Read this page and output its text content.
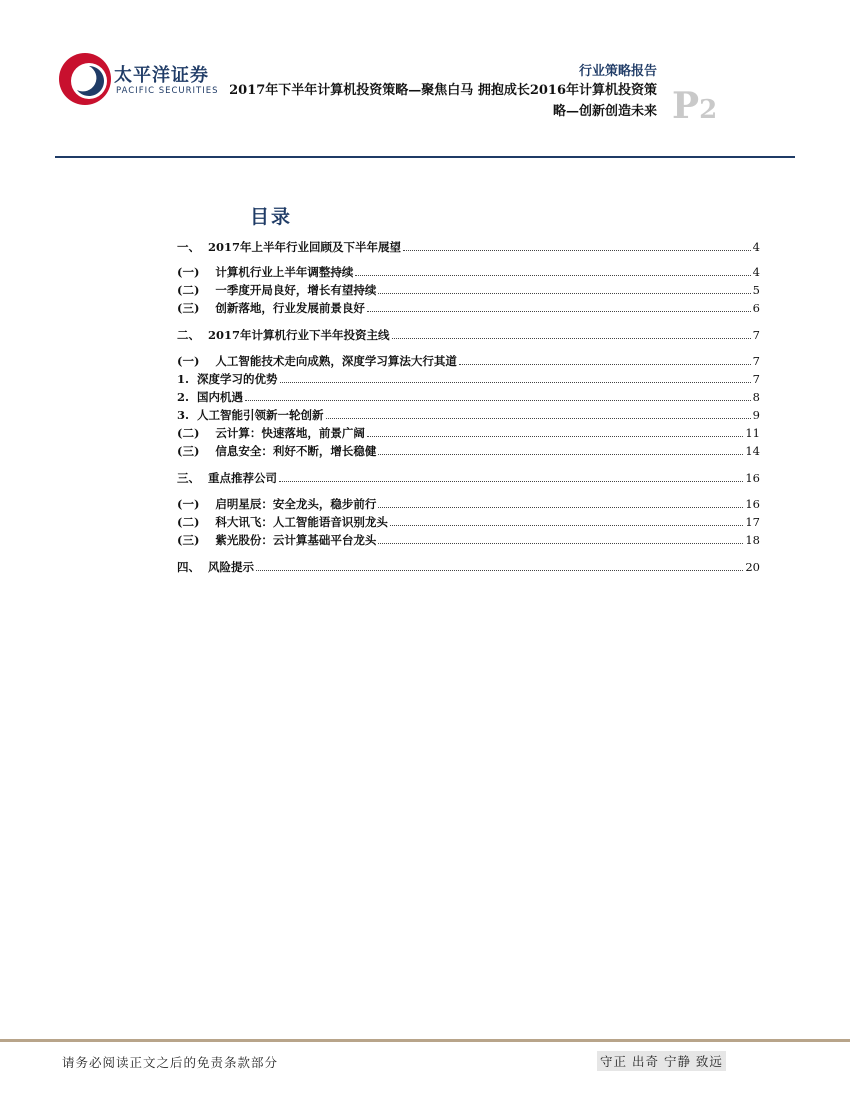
太平洋证券
PACIFIC SECURITIES
行业策略报告
2017年下半年计算机投资策略—聚焦白马 拥抱成长2016年计算机投资策略—创新创造未来 P2
目录
一、 2017年上半年行业回顾及下半年展望	4
(一) 计算机行业上半年调整持续	4
(二) 一季度开局良好，增长有望持续	5
(三) 创新落地，行业发展前景良好	6
二、 2017年计算机行业下半年投资主线	7
(一) 人工智能技术走向成熟，深度学习算法大行其道	7
1. 深度学习的优势	7
2. 国内机遇	8
3. 人工智能引领新一轮创新	9
(二) 云计算：快速落地，前景广阔	11
(三) 信息安全：利好不断，增长稳健	14
三、 重点推荐公司	16
(一) 启明星辰：安全龙头，稳步前行	16
(二) 科大讯飞：人工智能语音识别龙头	17
(三) 紫光股份：云计算基础平台龙头	18
四、 风险提示	20
请务必阅读正文之后的免责条款部分	守正 出奇 宁静 致远
